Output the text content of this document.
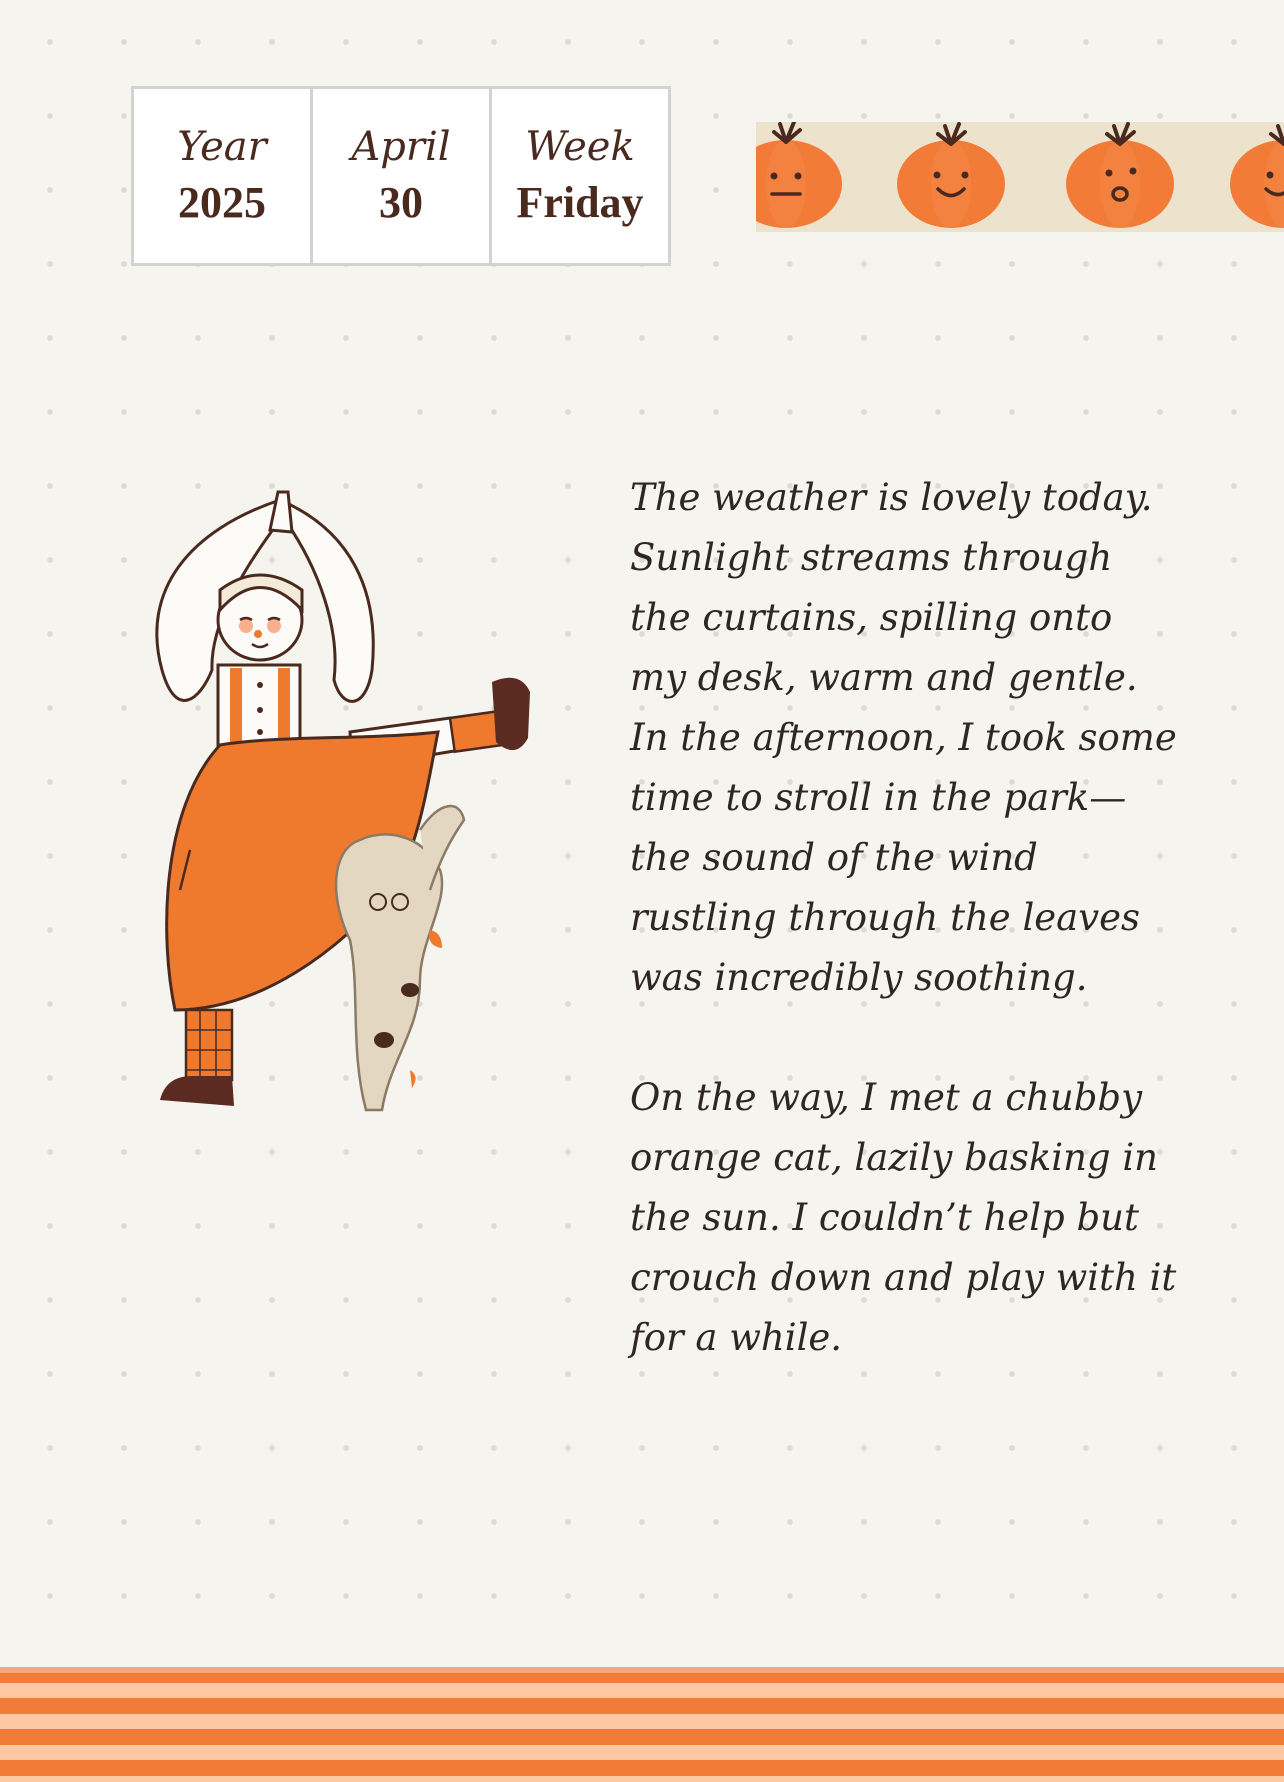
Year
2025
April
30
Week
Friday

The weather is lovely today.
Sunlight streams through
the curtains, spilling onto
my desk, warm and gentle.
In the afternoon, I took some
time to stroll in the park—
the sound of the wind
rustling through the leaves
was incredibly soothing.

On the way, I met a chubby
orange cat, lazily basking in
the sun. I couldn’t help but
crouch down and play with it
for a while.
